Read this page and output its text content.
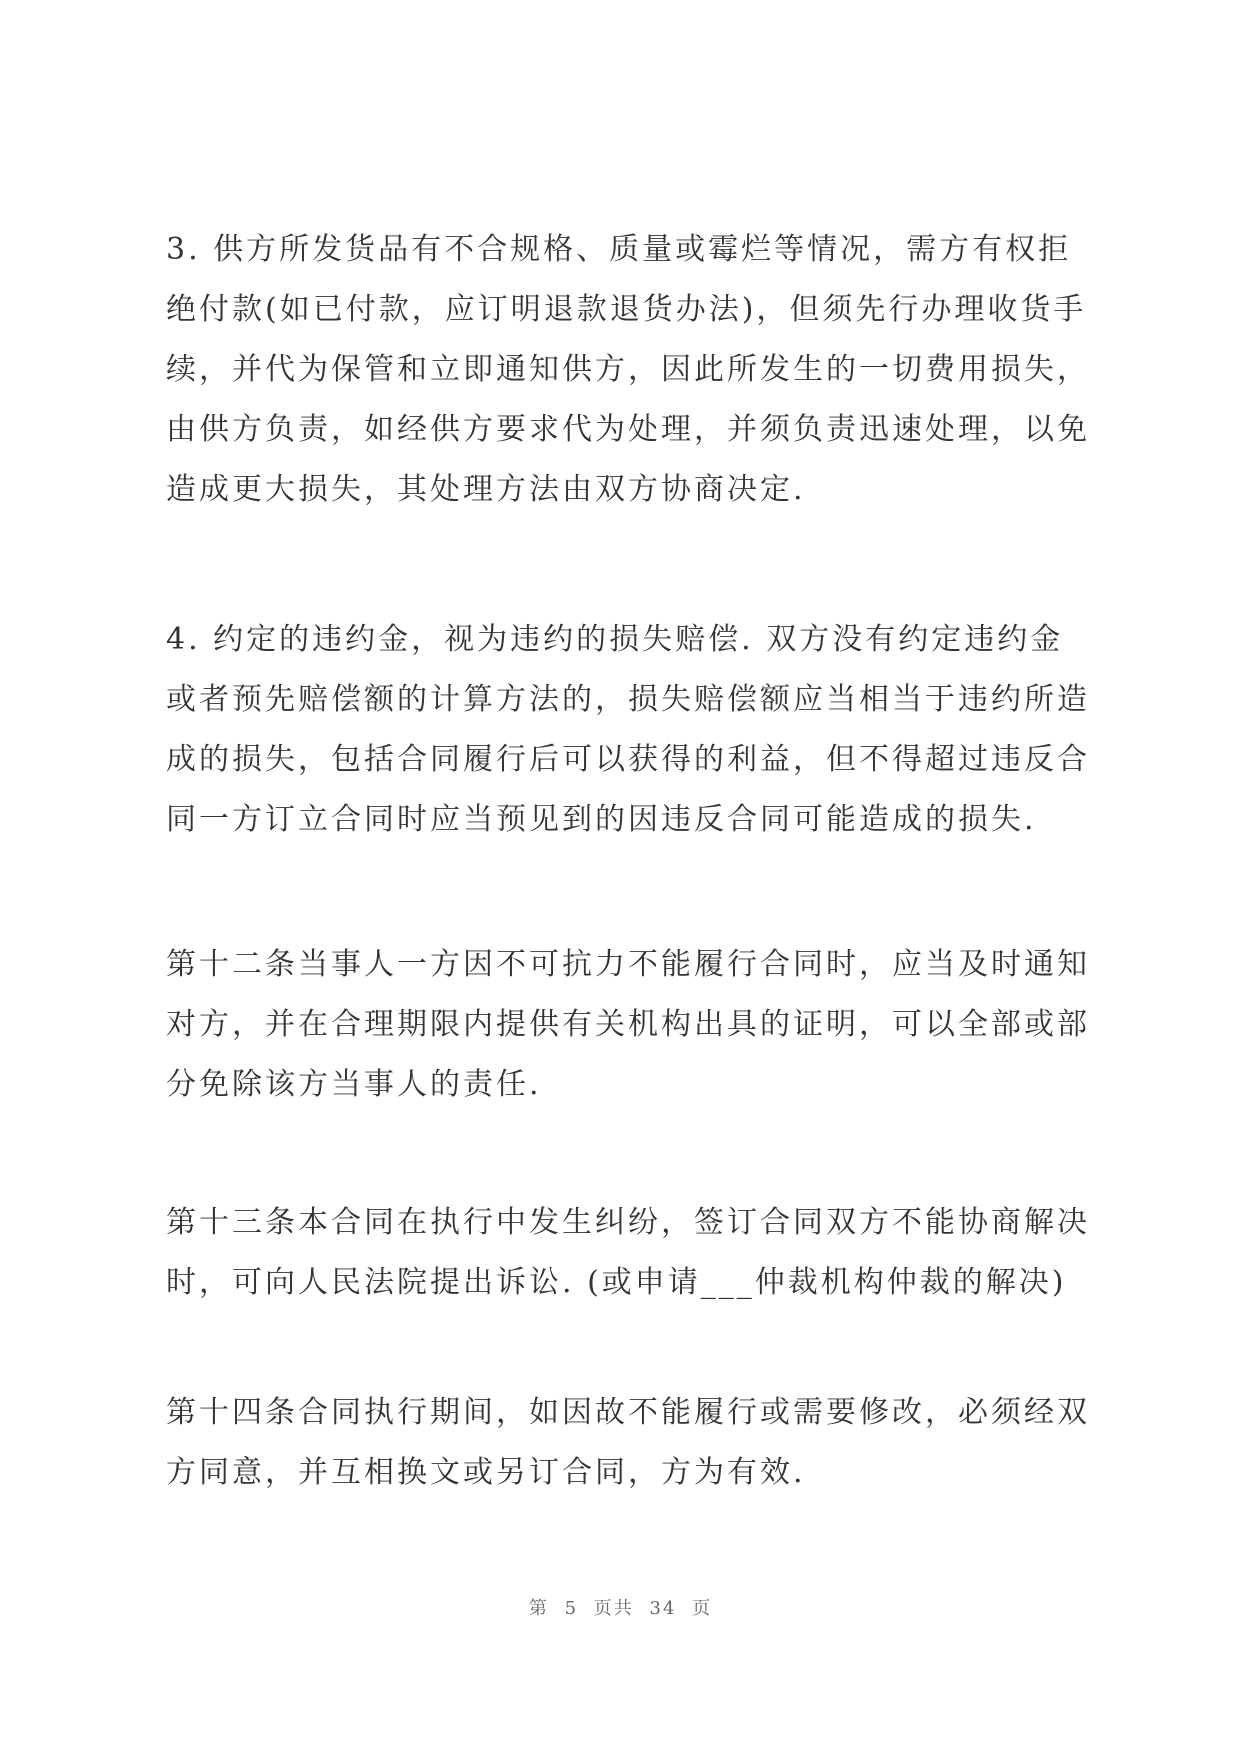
3. 供方所发货品有不合规格、质量或霉烂等情况，需方有权拒
绝付款(如已付款，应订明退款退货办法)，但须先行办理收货手
续，并代为保管和立即通知供方，因此所发生的一切费用损失，
由供方负责，如经供方要求代为处理，并须负责迅速处理，以免
造成更大损失，其处理方法由双方协商决定.
4. 约定的违约金，视为违约的损失赔偿. 双方没有约定违约金
或者预先赔偿额的计算方法的，损失赔偿额应当相当于违约所造
成的损失，包括合同履行后可以获得的利益，但不得超过违反合
同一方订立合同时应当预见到的因违反合同可能造成的损失.
第十二条当事人一方因不可抗力不能履行合同时，应当及时通知
对方，并在合理期限内提供有关机构出具的证明，可以全部或部
分免除该方当事人的责任.
第十三条本合同在执行中发生纠纷，签订合同双方不能协商解决
时，可向人民法院提出诉讼. (或申请___仲裁机构仲裁的解决)
第十四条合同执行期间，如因故不能履行或需要修改，必须经双
方同意，并互相换文或另订合同，方为有效.
第 5 页共 34 页
